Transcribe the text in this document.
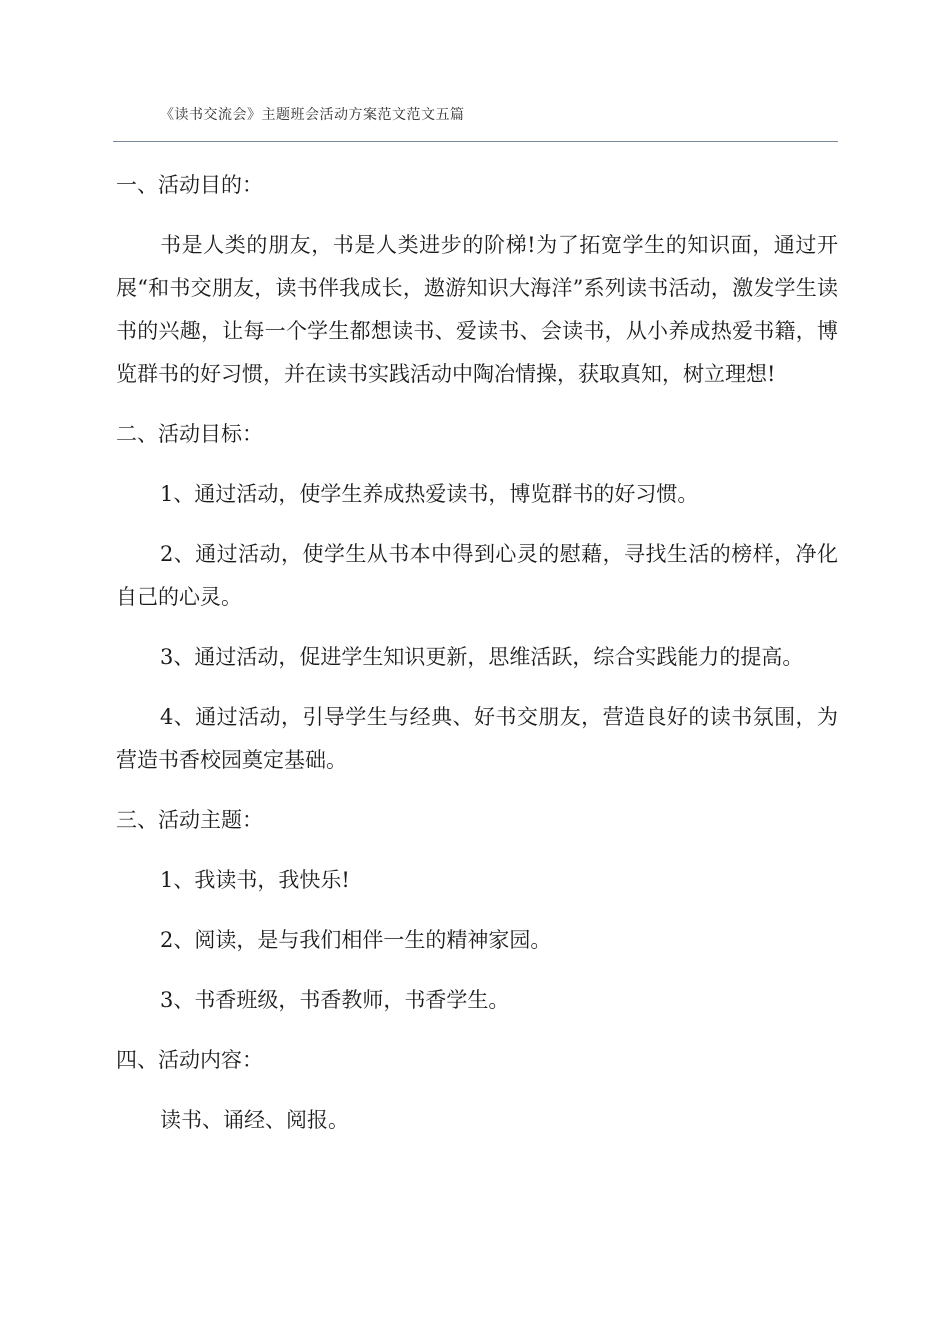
《读书交流会》主题班会活动方案范文范文五篇

一、活动目的：

书是人类的朋友，书是人类进步的阶梯!为了拓宽学生的知识面，通过开展“和书交朋友，读书伴我成长，遨游知识大海洋”系列读书活动，激发学生读书的兴趣，让每一个学生都想读书、爱读书、会读书，从小养成热爱书籍，博览群书的好习惯，并在读书实践活动中陶冶情操，获取真知，树立理想!

二、活动目标：

1、通过活动，使学生养成热爱读书，博览群书的好习惯。

2、通过活动，使学生从书本中得到心灵的慰藉，寻找生活的榜样，净化自己的心灵。

3、通过活动，促进学生知识更新，思维活跃，综合实践能力的提高。

4、通过活动，引导学生与经典、好书交朋友，营造良好的读书氛围，为营造书香校园奠定基础。

三、活动主题：

1、我读书，我快乐!

2、阅读，是与我们相伴一生的精神家园。

3、书香班级，书香教师，书香学生。

四、活动内容：

读书、诵经、阅报。
